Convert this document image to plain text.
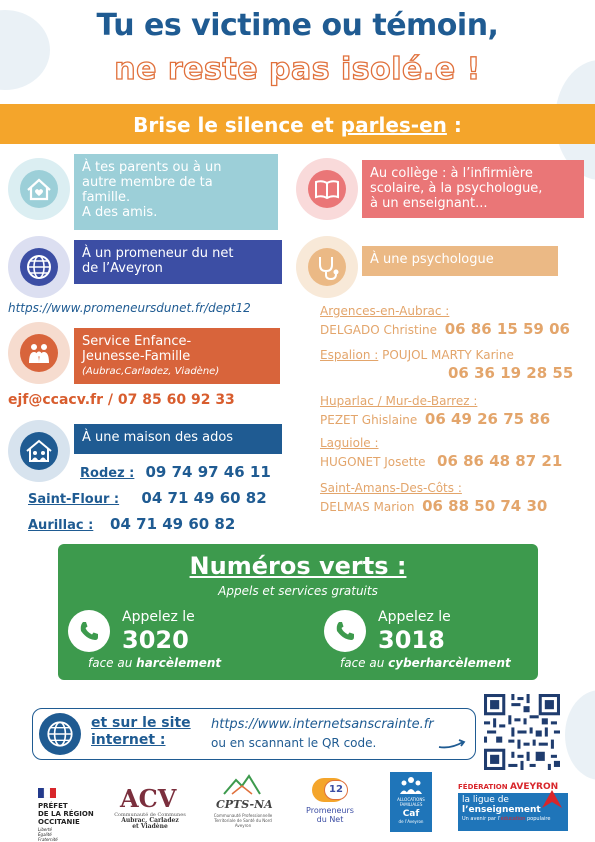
Tu es victime ou témoin,
ne reste pas isolé.e !
Brise le silence et parles-en :
À tes parents ou à un
autre membre de ta
famille.
A des amis.
Au collège : à l’infirmière
scolaire, à la psychologue,
à un enseignant...
À un promeneur du net
de l’Aveyron
https://www.promeneursdunet.fr/dept12
À une psychologue
Service Enfance-
Jeunesse-Famille
(Aubrac,Carladez, Viadène)
ejf@ccacv.fr / 07 85 60 92 33
À une maison des ados
Rodez : 09 74 97 46 11
Saint-Flour : 04 71 49 60 82
Aurillac : 04 71 49 60 82
Argences-en-Aubrac :
DELGADO Christine 06 86 15 59 06
Espalion : POUJOL MARTY Karine
06 36 19 28 55
Huparlac / Mur-de-Barrez :
PEZET Ghislaine 06 49 26 75 86
Laguiole :
HUGONET Josette 06 86 48 87 21
Saint-Amans-Des-Côts :
DELMAS Marion 06 88 50 74 30
Numéros verts :
Appels et services gratuits
Appelez le
3020
face au harcèlement
Appelez le
3018
face au cyberharcèlement
et sur le site
internet :
https://www.internetsanscrainte.fr
ou en scannant le QR code.
PRÉFET
DE LA RÉGION
OCCITANIE
Liberté
Égalité
Fraternité
ACV
Communauté de Communes
Aubrac, Carladez
et Viadène
CPTS-NA
Communauté Professionnelle
Territoriale de Santé du Nord Aveyron
12
Promeneurs
du Net
ALLOCATIONS
FAMILIALES
Caf
de l’Aveyron
FÉDÉRATION AVEYRON
la ligue de
l’enseignement
Un avenir par l’éducation populaire
